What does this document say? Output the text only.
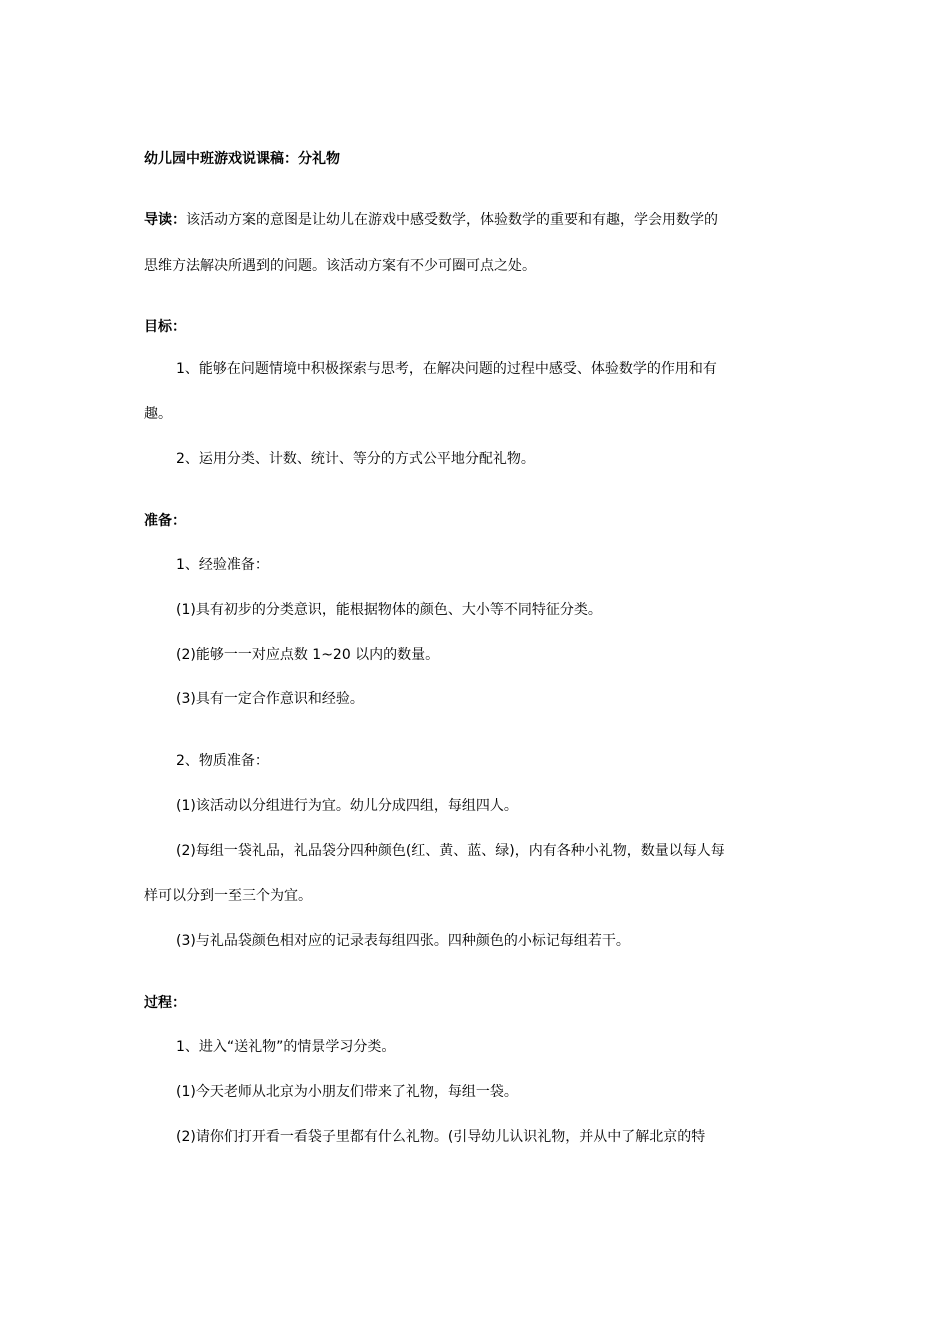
幼儿园中班游戏说课稿：分礼物
导读：该活动方案的意图是让幼儿在游戏中感受数学，体验数学的重要和有趣，学会用数学的
思维方法解决所遇到的问题。该活动方案有不少可圈可点之处。
目标：
1、能够在问题情境中积极探索与思考，在解决问题的过程中感受、体验数学的作用和有
趣。
2、运用分类、计数、统计、等分的方式公平地分配礼物。
准备：
1、经验准备：
(1)具有初步的分类意识，能根据物体的颜色、大小等不同特征分类。
(2)能够一一对应点数 1~20 以内的数量。
(3)具有一定合作意识和经验。
2、物质准备：
(1)该活动以分组进行为宜。幼儿分成四组，每组四人。
(2)每组一袋礼品，礼品袋分四种颜色(红、黄、蓝、绿)，内有各种小礼物，数量以每人每
样可以分到一至三个为宜。
(3)与礼品袋颜色相对应的记录表每组四张。四种颜色的小标记每组若干。
过程：
1、进入“送礼物”的情景学习分类。
(1)今天老师从北京为小朋友们带来了礼物，每组一袋。
(2)请你们打开看一看袋子里都有什么礼物。(引导幼儿认识礼物，并从中了解北京的特
